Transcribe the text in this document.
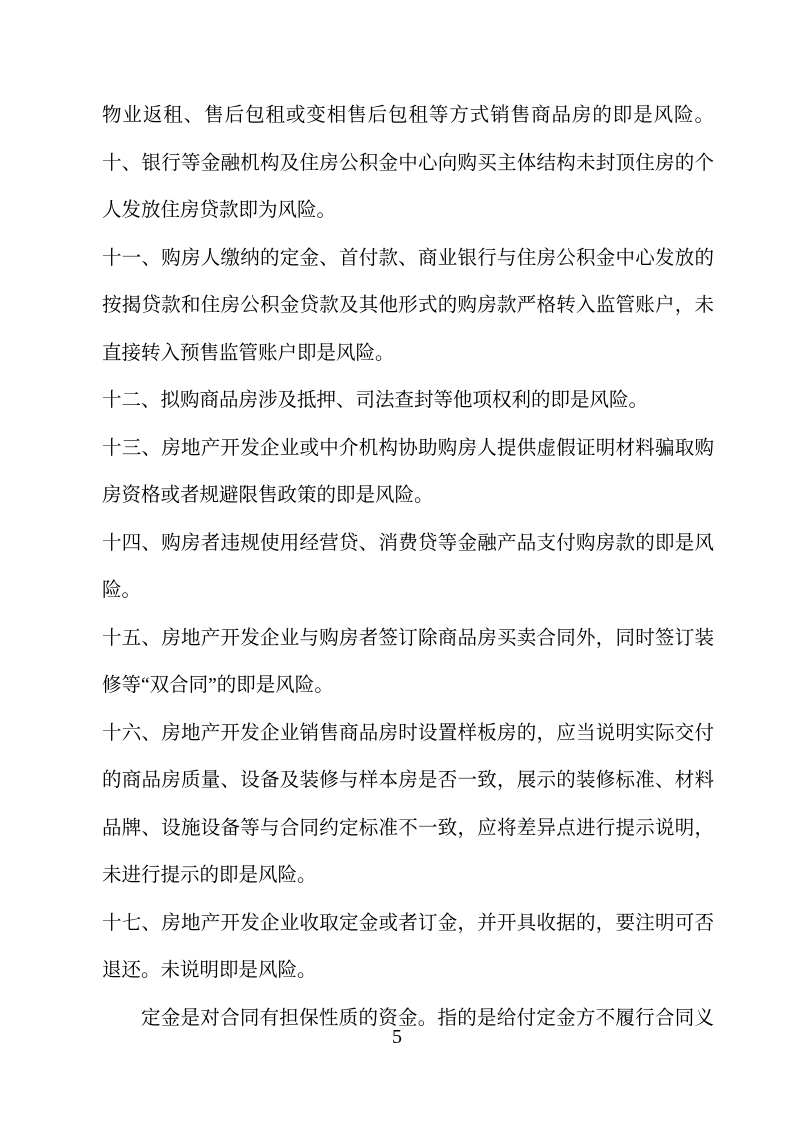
物业返租、售后包租或变相售后包租等方式销售商品房的即是风险。
十、银行等金融机构及住房公积金中心向购买主体结构未封顶住房的个
人发放住房贷款即为风险。
十一、购房人缴纳的定金、首付款、商业银行与住房公积金中心发放的
按揭贷款和住房公积金贷款及其他形式的购房款严格转入监管账户，未
直接转入预售监管账户即是风险。
十二、拟购商品房涉及抵押、司法查封等他项权利的即是风险。
十三、房地产开发企业或中介机构协助购房人提供虚假证明材料骗取购
房资格或者规避限售政策的即是风险。
十四、购房者违规使用经营贷、消费贷等金融产品支付购房款的即是风
险。
十五、房地产开发企业与购房者签订除商品房买卖合同外，同时签订装
修等“双合同”的即是风险。
十六、房地产开发企业销售商品房时设置样板房的，应当说明实际交付
的商品房质量、设备及装修与样本房是否一致，展示的装修标准、材料
品牌、设施设备等与合同约定标准不一致，应将差异点进行提示说明，
未进行提示的即是风险。
十七、房地产开发企业收取定金或者订金，并开具收据的，要注明可否
退还。未说明即是风险。
定金是对合同有担保性质的资金。指的是给付定金方不履行合同义
5
